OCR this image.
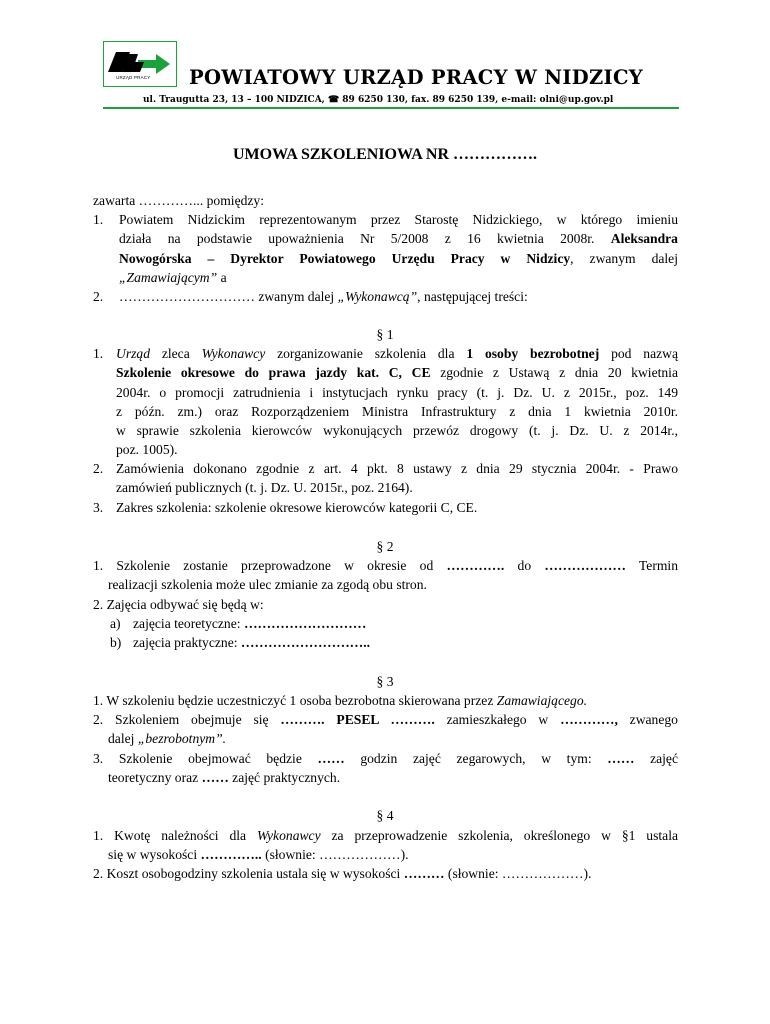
URZĄD PRACY POWIATOWY URZĄD PRACY W NIDZICY
ul. Traugutta 23, 13 – 100 NIDZICA, ☎ 89 6250 130, fax. 89 6250 139, e-mail: olni@up.gov.pl
UMOWA SZKOLENIOWA NR …………….
zawarta …………... pomiędzy:
1. Powiatem Nidzickim reprezentowanym przez Starostę Nidzickiego, w którego imieniu
działa na podstawie upoważnienia Nr 5/2008 z 16 kwietnia 2008r. Aleksandra
Nowogórska – Dyrektor Powiatowego Urzędu Pracy w Nidzicy, zwanym dalej
„Zamawiającym” a
2. ………………………… zwanym dalej „Wykonawcą”, następującej treści:
§ 1
1. Urząd zleca Wykonawcy zorganizowanie szkolenia dla 1 osoby bezrobotnej pod nazwą
Szkolenie okresowe do prawa jazdy kat. C, CE zgodnie z Ustawą z dnia 20 kwietnia
2004r. o promocji zatrudnienia i instytucjach rynku pracy (t. j. Dz. U. z 2015r., poz. 149
z późn. zm.) oraz Rozporządzeniem Ministra Infrastruktury z dnia 1 kwietnia 2010r.
w sprawie szkolenia kierowców wykonujących przewóz drogowy (t. j. Dz. U. z 2014r.,
poz. 1005).
2. Zamówienia dokonano zgodnie z art. 4 pkt. 8 ustawy z dnia 29 stycznia 2004r. - Prawo
zamówień publicznych (t. j. Dz. U. 2015r., poz. 2164).
3. Zakres szkolenia: szkolenie okresowe kierowców kategorii C, CE.
§ 2
1. Szkolenie zostanie przeprowadzone w okresie od …………. do ……………… Termin
realizacji szkolenia może ulec zmianie za zgodą obu stron.
2. Zajęcia odbywać się będą w:
a) zajęcia teoretyczne: ………………………
b) zajęcia praktyczne: ………………………..
§ 3
1. W szkoleniu będzie uczestniczyć 1 osoba bezrobotna skierowana przez Zamawiającego.
2. Szkoleniem obejmuje się ………. PESEL ………. zamieszkałego w …………, zwanego
dalej „bezrobotnym”.
3. Szkolenie obejmować będzie …… godzin zajęć zegarowych, w tym: …… zajęć
teoretyczny oraz …… zajęć praktycznych.
§ 4
1. Kwotę należności dla Wykonawcy za przeprowadzenie szkolenia, określonego w §1 ustala
się w wysokości ………….. (słownie: ………………).
2. Koszt osobogodziny szkolenia ustala się w wysokości ……… (słownie: ………………).
